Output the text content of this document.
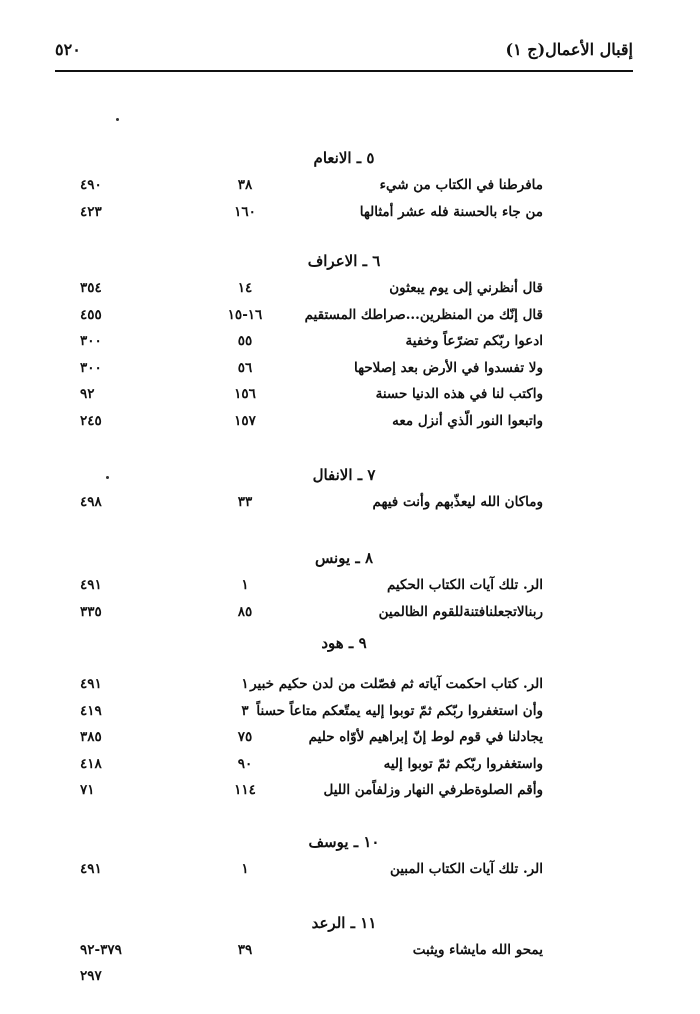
إقبال الأعمال(ج ١)
٥٢٠
٥ ـ الانعام
مافرطنا في الكتاب من شيء
٣٨
٤٩٠
من جاء بالحسنة فله عشر أمثالها
١٦٠
٤٢٣
٦ ـ الاعراف
قال أنظرني إلى يوم يبعثون
١٤
٣٥٤
قال إنّك من المنظرين...صراطك المستقيم
١٦-١٥
٤٥٥
ادعوا ربّكم تضرّعاً وخفية
٥٥
٣٠٠
ولا تفسدوا في الأرض بعد إصلاحها
٥٦
٣٠٠
واكتب لنا في هذه الدنيا حسنة
١٥٦
٩٢
واتبعوا النور الّذي أنزل معه
١٥٧
٢٤٥
٧ ـ الانفال
وماكان الله ليعذّبهم وأنت فيهم
٣٣
٤٩٨
٨ ـ يونس
الر. تلك آيات الكتاب الحكيم
١
٤٩١
ربنالاتجعلنافتنةللقوم الظالمين
٨٥
٣٣٥
٩ ـ هود
الر. كتاب احكمت آياته ثم فصّلت من لدن حكيم خبير
١
٤٩١
وأن استغفروا ربّكم ثمّ توبوا إليه يمتّعكم متاعاً حسناً
٣
٤١٩
يجادلنا في قوم لوط إنّ إبراهيم لأوّاه حليم
٧٥
٣٨٥
واستغفروا ربّكم ثمّ توبوا إليه
٩٠
٤١٨
وأقم الصلوةطرفي النهار وزلفاًمن الليل
١١٤
٧١
١٠ ـ يوسف
الر. تلك آيات الكتاب المبين
١
٤٩١
١١ ـ الرعد
يمحو الله مايشاء ويثبت
٣٩
٣٧٩-٩٢
٢٩٧
